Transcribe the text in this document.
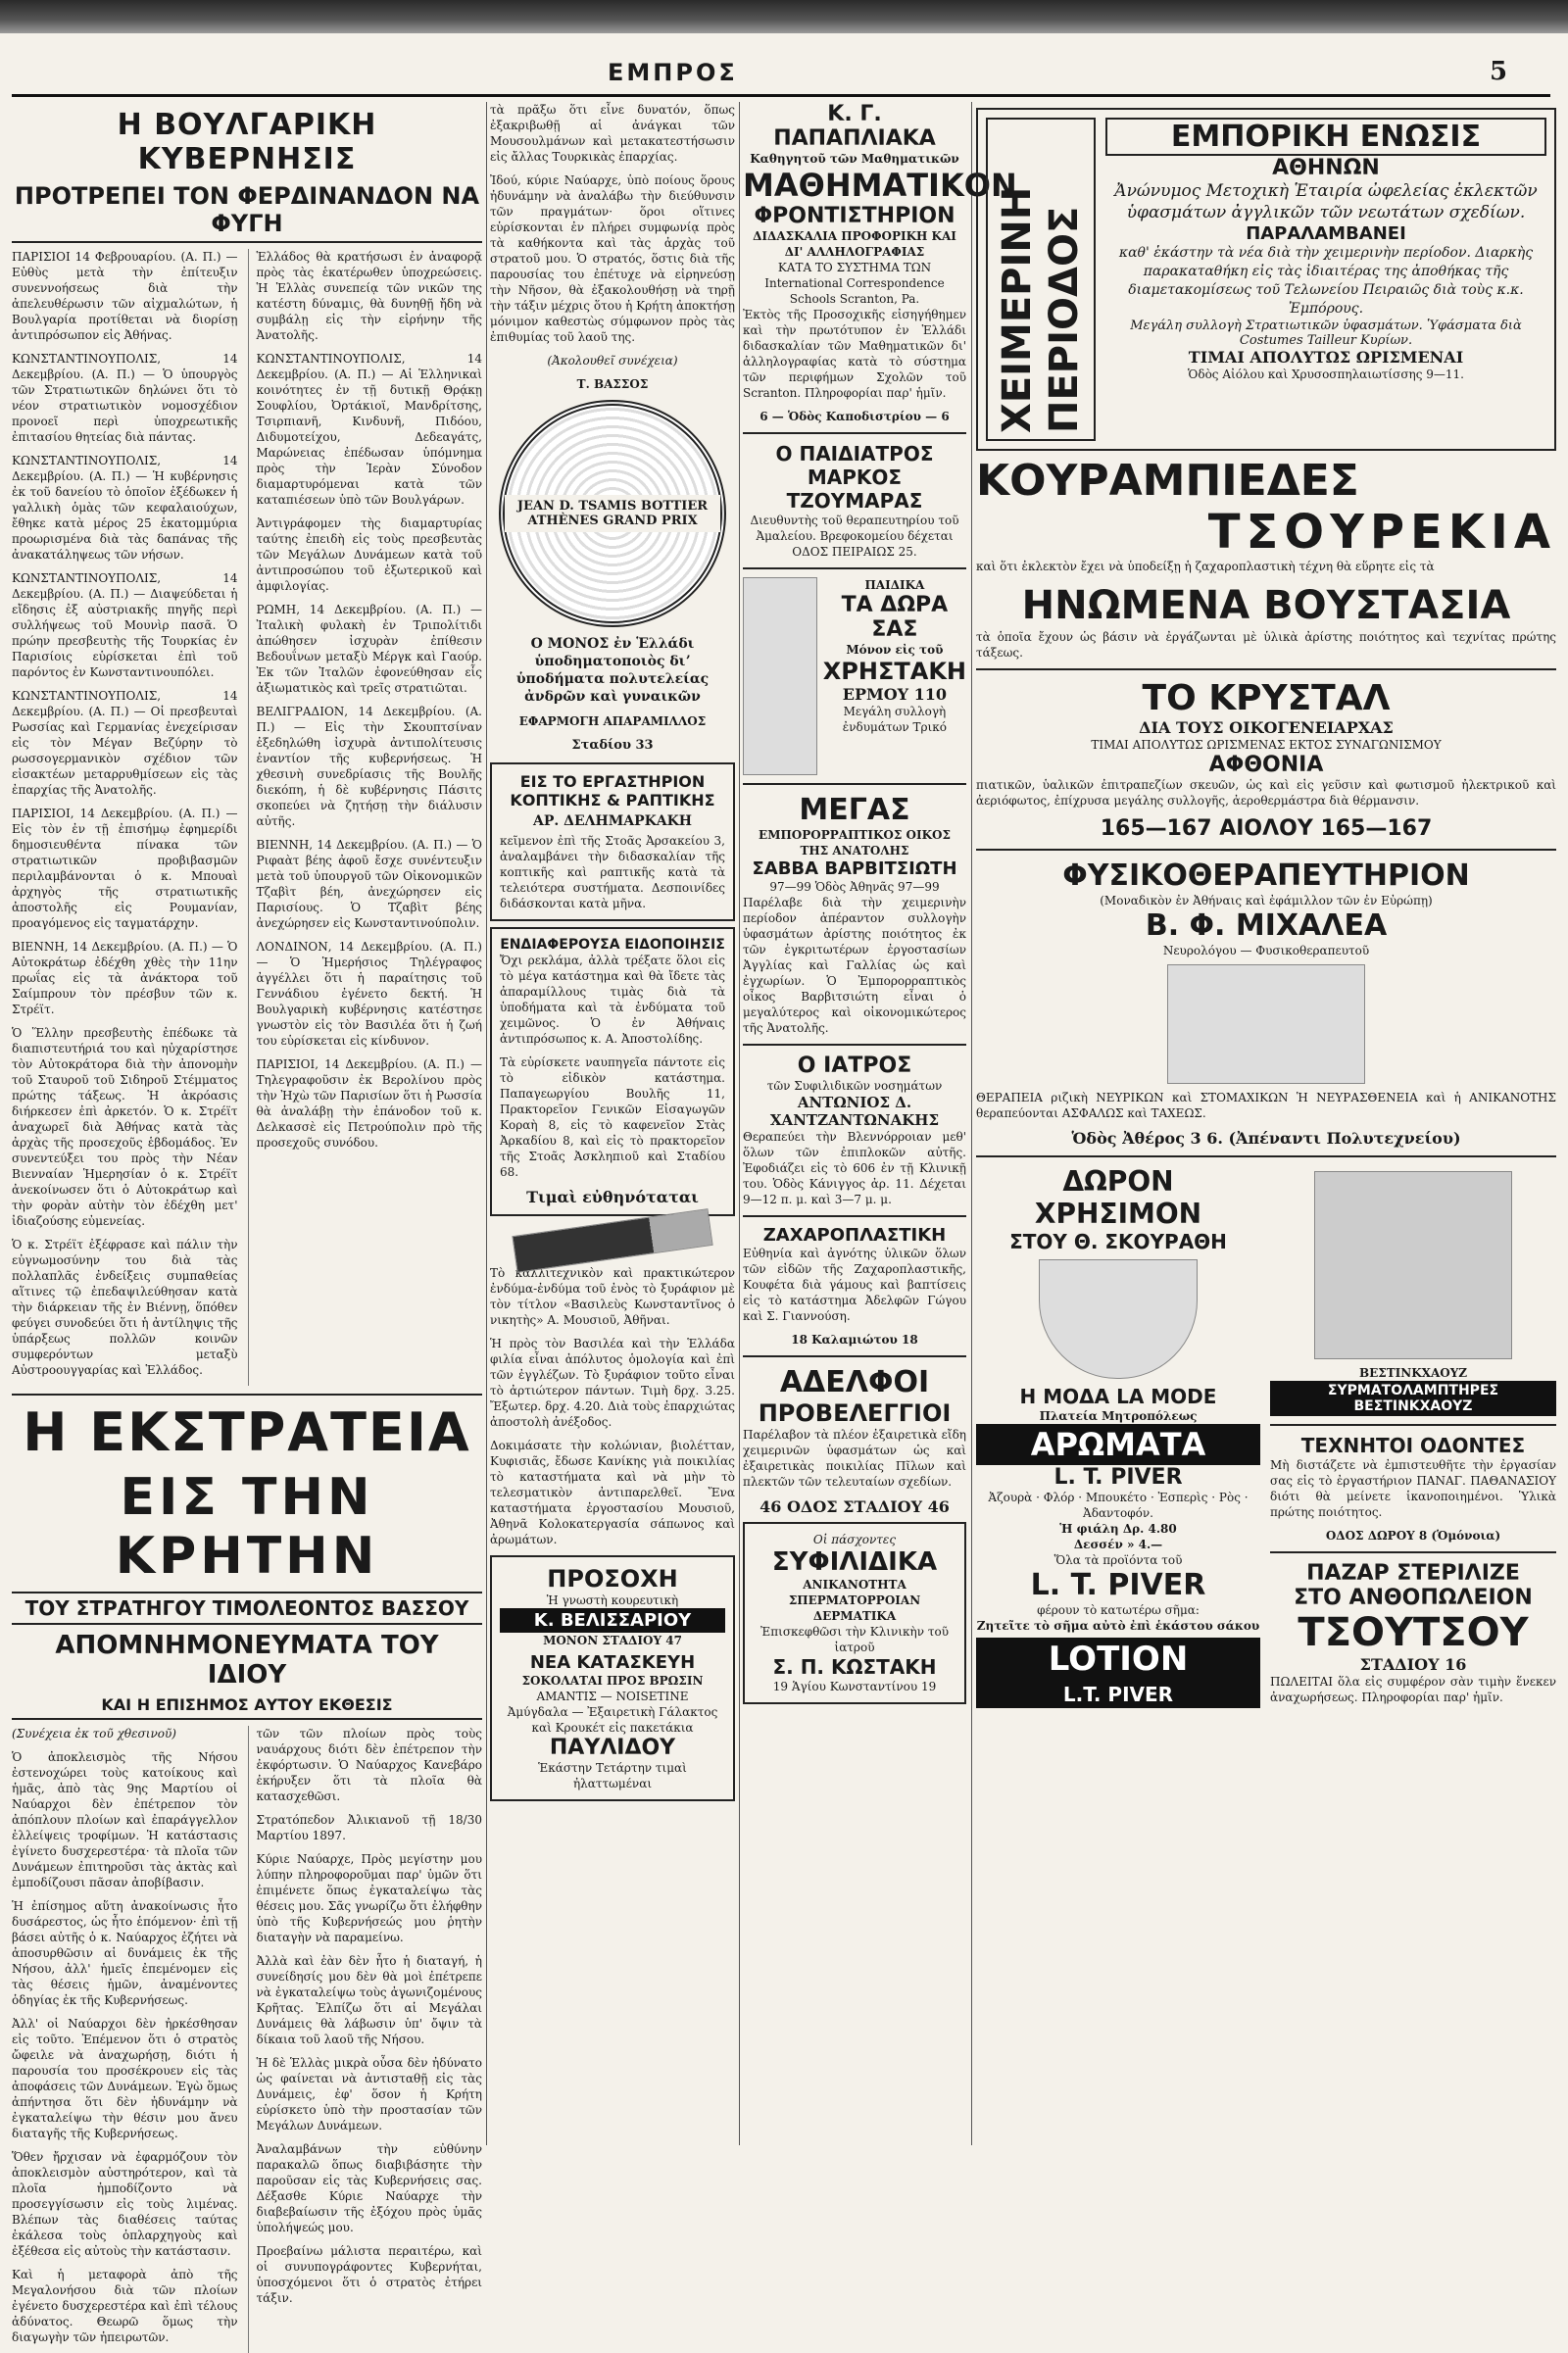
ΕΜΠΡΟΣ	5
Η ΒΟΥΛΓΑΡΙΚΗ ΚΥΒΕΡΝΗΣΙΣ
ΠΡΟΤΡΕΠΕΙ ΤΟΝ ΦΕΡΔΙΝΑΝΔΟΝ ΝΑ ΦΥΓΗ

ΠΑΡΙΣΙΟΙ 14 Φεβρουαρίου. (Α. Π.) — Εὐθὺς μετὰ τὴν ἐπίτευξιν συνεννοήσεως διὰ τὴν ἀπελευθέρωσιν τῶν αἰχμαλώτων, ἡ Βουλγαρία προτίθεται νὰ διορίσῃ ἀντιπρόσωπον εἰς Ἀθήνας.

ΚΩΝΣΤΑΝΤΙΝΟΥΠΟΛΙΣ, 14 Δεκεμβρίου. (Α. Π.) — Ὁ ὑπουργὸς τῶν Στρατιωτικῶν δηλώνει ὅτι τὸ νέον στρατιωτικὸν νομοσχέδιον προνοεῖ περὶ ὑποχρεωτικῆς ἐπιτασίου θητείας διὰ πάντας.

ΚΩΝΣΤΑΝΤΙΝΟΥΠΟΛΙΣ, 14 Δεκεμβρίου. (Α. Π.) — Ἡ κυβέρνησις ἐκ τοῦ δανείου τὸ ὁποῖον ἐξέδωκεν ἡ γαλλικὴ ὁμὰς τῶν κεφαλαιούχων, ἔθηκε κατὰ μέρος 25 ἑκατομμύρια προωρισμένα διὰ τὰς δαπάνας τῆς ἀνακατάληψεως τῶν νήσων.

ΚΩΝΣΤΑΝΤΙΝΟΥΠΟΛΙΣ, 14 Δεκεμβρίου. (Α. Π.) — Διαψεύδεται ἡ εἴδησις ἐξ αὐστριακῆς πηγῆς περὶ συλλήψεως τοῦ Μουνὶρ πασᾶ. Ὁ πρώην πρεσβευτὴς τῆς Τουρκίας ἐν Παρισίοις εὑρίσκεται ἐπὶ τοῦ παρόντος ἐν Κωνσταντινουπόλει.

ΚΩΝΣΤΑΝΤΙΝΟΥΠΟΛΙΣ, 14 Δεκεμβρίου. (Α. Π.) — Οἱ πρεσβευταὶ Ρωσσίας καὶ Γερμανίας ἐνεχείρισαν εἰς τὸν Μέγαν Βεζύρην τὸ ρωσσογερμανικὸν σχέδιον τῶν εἰσακτέων μεταρρυθμίσεων εἰς τὰς ἐπαρχίας τῆς Ἀνατολῆς.

ΠΑΡΙΣΙΟΙ, 14 Δεκεμβρίου. (Α. Π.) — Εἰς τὸν ἐν τῇ ἐπισήμῳ ἐφημερίδι δημοσιευθέντα πίνακα τῶν στρατιωτικῶν προβιβασμῶν περιλαμβάνονται ὁ κ. Μπουαὶ ἀρχηγὸς τῆς στρατιωτικῆς ἀποστολῆς εἰς Ρουμανίαν, προαγόμενος εἰς ταγματάρχην.

ΒΙΕΝΝΗ, 14 Δεκεμβρίου. (Α. Π.) — Ὁ Αὐτοκράτωρ ἐδέχθη χθὲς τὴν 11ην πρωΐας εἰς τὰ ἀνάκτορα τοῦ Σαίμπρουν τὸν πρέσβυν τῶν κ. Στρέϊτ.

Ὁ Ἕλλην πρεσβευτὴς ἐπέδωκε τὰ διαπιστευτήριά του καὶ ηὐχαρίστησε τὸν Αὐτοκράτορα διὰ τὴν ἀπονομὴν τοῦ Σταυροῦ τοῦ Σιδηροῦ Στέμματος πρώτης τάξεως. Ἡ ἀκρόασις διήρκεσεν ἐπὶ ἀρκετόν. Ὁ κ. Στρέϊτ ἀναχωρεῖ διὰ Ἀθήνας κατὰ τὰς ἀρχὰς τῆς προσεχοῦς ἑβδομάδος. Ἐν συνεντεύξει του πρὸς τὴν Νέαν Βιενναίαν Ἡμερησίαν ὁ κ. Στρέϊτ ἀνεκοίνωσεν ὅτι ὁ Αὐτοκράτωρ καὶ τὴν φορὰν αὐτὴν τὸν ἐδέχθη μετ' ἰδιαζούσης εὐμενείας.

Ὁ κ. Στρέϊτ ἐξέφρασε καὶ πάλιν τὴν εὐγνωμοσύνην του διὰ τὰς πολλαπλᾶς ἐνδείξεις συμπαθείας αἵτινες τῷ ἐπεδαψιλεύθησαν κατὰ τὴν διάρκειαν τῆς ἐν Βιέννῃ, ὅπόθεν φεύγει συνοδεύει ὅτι ἡ ἀντίληψις τῆς ὑπάρξεως πολλῶν κοινῶν συμφερόντων μεταξὺ Αὐστροουγγαρίας καὶ Ἑλλάδος.

Ἑλλάδος θὰ κρατήσωσι ἐν ἀναφορᾷ πρὸς τὰς ἑκατέρωθεν ὑποχρεώσεις. Ἡ Ἑλλὰς συνεπείᾳ τῶν νικῶν της κατέστη δύναμις, θὰ δυνηθῇ ἤδη νὰ συμβάλῃ εἰς τὴν εἰρήνην τῆς Ἀνατολῆς.

ΚΩΝΣΤΑΝΤΙΝΟΥΠΟΛΙΣ, 14 Δεκεμβρίου. (Α. Π.) — Αἱ Ἑλληνικαὶ κοινότητες ἐν τῇ δυτικῇ Θρᾴκῃ Σουφλίου, Ὀρτάκιοϊ, Μανδρίτσης, Τσιρπιανῆ, Κινδυνῆ, Πιδόου, Διδυμοτείχου, Δεδεαγάτς, Μαρώνειας ἐπέδωσαν ὑπόμνημα πρὸς τὴν Ἱερὰν Σύνοδον διαμαρτυρόμεναι κατὰ τῶν καταπιέσεων ὑπὸ τῶν Βουλγάρων.

Ἀντιγράφομεν τὴς διαμαρτυρίας ταύτης ἐπειδὴ εἰς τοὺς πρεσβευτὰς τῶν Μεγάλων Δυνάμεων κατὰ τοῦ ἀντιπροσώπου τοῦ ἐξωτερικοῦ καὶ ἀμφιλογίας.

ΡΩΜΗ, 14 Δεκεμβρίου. (Α. Π.) — Ἰταλικὴ φυλακὴ ἐν Τριπολίτιδι ἀπώθησεν ἰσχυρὰν ἐπίθεσιν Βεδουΐνων μεταξὺ Μέργκ καὶ Γαούρ. Ἐκ τῶν Ἰταλῶν ἐφονεύθησαν εἷς ἀξιωματικὸς καὶ τρεῖς στρατιῶται.

ΒΕΛΙΓΡΑΔΙΟΝ, 14 Δεκεμβρίου. (Α. Π.) — Εἰς τὴν Σκουπτσίναν ἐξεδηλώθη ἰσχυρὰ ἀντιπολίτευσις ἐναντίον τῆς κυβερνήσεως. Ἡ χθεσινὴ συνεδρίασις τῆς Βουλῆς διεκόπη, ἡ δὲ κυβέρνησις Πάσιτς σκοπεύει νὰ ζητήσῃ τὴν διάλυσιν αὐτῆς.

ΒΙΕΝΝΗ, 14 Δεκεμβρίου. (Α. Π.) — Ὁ Ριφαὰτ βέης ἀφοῦ ἔσχε συνέντευξιν μετὰ τοῦ ὑπουργοῦ τῶν Οἰκονομικῶν Τζαβὶτ βέη, ἀνεχώρησεν εἰς Παρισίους. Ὁ Τζαβὶτ βέης ἀνεχώρησεν εἰς Κωνσταντινούπολιν.

ΛΟΝΔΙΝΟΝ, 14 Δεκεμβρίου. (Α. Π.) — Ὁ Ἡμερήσιος Τηλέγραφος ἀγγέλλει ὅτι ἡ παραίτησις τοῦ Γεννάδιου ἐγένετο δεκτή. Ἡ Βουλγαρικὴ κυβέρνησις κατέστησε γνωστὸν εἰς τὸν Βασιλέα ὅτι ἡ ζωή του εὑρίσκεται εἰς κίνδυνον.

ΠΑΡΙΣΙΟΙ, 14 Δεκεμβρίου. (Α. Π.) — Τηλεγραφοῦσιν ἐκ Βερολίνου πρὸς τὴν Ἠχὼ τῶν Παρισίων ὅτι ἡ Ρωσσία θὰ ἀναλάβῃ τὴν ἐπάνοδον τοῦ κ. Δελκασσὲ εἰς Πετρούπολιν πρὸ τῆς προσεχοῦς συνόδου.

Η ΕΚΣΤΡΑΤΕΙΑ
ΕΙΣ ΤΗΝ ΚΡΗΤΗΝ
ΤΟΥ ΣΤΡΑΤΗΓΟΥ ΤΙΜΟΛΕΟΝΤΟΣ ΒΑΣΣΟΥ
ΑΠΟΜΝΗΜΟΝΕΥΜΑΤΑ ΤΟΥ ΙΔΙΟΥ
ΚΑΙ Η ΕΠΙΣΗΜΟΣ ΑΥΤΟΥ ΕΚΘΕΣΙΣ

(Συνέχεια ἐκ τοῦ χθεσινοῦ)

Ὁ ἀποκλεισμὸς τῆς Νήσου ἐστενοχώρει τοὺς κατοίκους καὶ ἡμᾶς, ἀπὸ τὰς 9ης Μαρτίου οἱ Ναύαρχοι δὲν ἐπέτρεπον τὸν ἀπόπλουν πλοίων καὶ ἐπαράγγελλον ἐλλείψεις τροφίμων. Ἡ κατάστασις ἐγίνετο δυσχερεστέρα· τὰ πλοῖα τῶν Δυνάμεων ἐπιτηροῦσι τὰς ἀκτὰς καὶ ἐμποδίζουσι πᾶσαν ἀποβίβασιν.

Ἡ ἐπίσημος αὕτη ἀνακοίνωσις ἦτο δυσάρεστος, ὡς ἦτο ἑπόμενον· ἐπὶ τῇ βάσει αὐτῆς ὁ κ. Ναύαρχος ἐζήτει νὰ ἀποσυρθῶσιν αἱ δυνάμεις ἐκ τῆς Νήσου, ἀλλ' ἡμεῖς ἐπεμένομεν εἰς τὰς θέσεις ἡμῶν, ἀναμένοντες ὁδηγίας ἐκ τῆς Κυβερνήσεως.

Ἀλλ' οἱ Ναύαρχοι δὲν ἠρκέσθησαν εἰς τοῦτο. Ἐπέμενον ὅτι ὁ στρατὸς ὤφειλε νὰ ἀναχωρήσῃ, διότι ἡ παρουσία του προσέκρουεν εἰς τὰς ἀποφάσεις τῶν Δυνάμεων. Ἐγὼ ὅμως ἀπήντησα ὅτι δὲν ἠδυνάμην νὰ ἐγκαταλείψω τὴν θέσιν μου ἄνευ διαταγῆς τῆς Κυβερνήσεως.

Ὅθεν ἤρχισαν νὰ ἐφαρμόζουν τὸν ἀποκλεισμὸν αὐστηρότερον, καὶ τὰ πλοῖα ἠμποδίζοντο νὰ προσεγγίσωσιν εἰς τοὺς λιμένας. Βλέπων τὰς διαθέσεις ταύτας ἐκάλεσα τοὺς ὁπλαρχηγοὺς καὶ ἐξέθεσα εἰς αὐτοὺς τὴν κατάστασιν.

Καὶ ἡ μεταφορὰ ἀπὸ τῆς Μεγαλονήσου διὰ τῶν πλοίων ἐγένετο δυσχερεστέρα καὶ ἐπὶ τέλους ἀδύνατος. Θεωρῶ ὅμως τὴν διαγωγὴν τῶν ἠπειρωτῶν.

τῶν τῶν πλοίων πρὸς τοὺς ναυάρχους διότι δὲν ἐπέτρεπον τὴν ἐκφόρτωσιν. Ὁ Ναύαρχος Κανεβάρο ἐκήρυξεν ὅτι τὰ πλοῖα θὰ κατασχεθῶσι.

Στρατόπεδον Ἀλικιανοῦ τῇ 18/30 Μαρτίου 1897.

Κύριε Ναύαρχε, Πρὸς μεγίστην μου λύπην πληροφοροῦμαι παρ' ὑμῶν ὅτι ἐπιμένετε ὅπως ἐγκαταλείψω τὰς θέσεις μου. Σᾶς γνωρίζω ὅτι ἐλήφθην ὑπὸ τῆς Κυβερνήσεώς μου ῥητὴν διαταγὴν νὰ παραμείνω.

Ἀλλὰ καὶ ἐὰν δὲν ἦτο ἡ διαταγή, ἡ συνείδησίς μου δὲν θὰ μοὶ ἐπέτρεπε νὰ ἐγκαταλείψω τοὺς ἀγωνιζομένους Κρῆτας. Ἐλπίζω ὅτι αἱ Μεγάλαι Δυνάμεις θὰ λάβωσιν ὑπ' ὄψιν τὰ δίκαια τοῦ λαοῦ τῆς Νήσου.

Ἡ δὲ Ἑλλὰς μικρὰ οὖσα δὲν ἠδύνατο ὡς φαίνεται νὰ ἀντισταθῇ εἰς τὰς Δυνάμεις, ἐφ' ὅσον ἡ Κρήτη εὑρίσκετο ὑπὸ τὴν προστασίαν τῶν Μεγάλων Δυνάμεων.

Ἀναλαμβάνων τὴν εὐθύνην παρακαλῶ ὅπως διαβιβάσητε τὴν παροῦσαν εἰς τὰς Κυβερνήσεις σας. Δέξασθε Κύριε Ναύαρχε τὴν διαβεβαίωσιν τῆς ἐξόχου πρὸς ὑμᾶς ὑπολήψεώς μου.

Προεβαίνω μάλιστα περαιτέρω, καὶ οἱ συνυπογράφοντες Κυβερνήται, ὑποσχόμενοι ὅτι ὁ στρατὸς ἐτήρει τάξιν.

τὰ πρᾶξω ὅτι εἶνε δυνατόν, ὅπως ἐξακριβωθῇ αἱ ἀνάγκαι τῶν Μουσουλμάνων καὶ μετακατεστήσωσιν εἰς ἄλλας Τουρκικὰς ἐπαρχίας.

Ἰδού, κύριε Ναύαρχε, ὑπὸ ποίους ὅρους ἠδυνάμην νὰ ἀναλάβω τὴν διεύθυνσιν τῶν πραγμάτων· ὅροι οἵτινες εὑρίσκονται ἐν πλήρει συμφωνίᾳ πρὸς τὰ καθήκοντα καὶ τὰς ἀρχὰς τοῦ στρατοῦ μου. Ὁ στρατός, ὅστις διὰ τῆς παρουσίας του ἐπέτυχε νὰ εἰρηνεύσῃ τὴν Νῆσον, θὰ ἐξακολουθήσῃ νὰ τηρῇ τὴν τάξιν μέχρις ὅτου ἡ Κρήτη ἀποκτήσῃ μόνιμον καθεστὼς σύμφωνον πρὸς τὰς ἐπιθυμίας τοῦ λαοῦ της.

(Ἀκολουθεῖ συνέχεια)

Τ. ΒΑΣΣΟΣ

JEAN D. TSAMIS BOTTIER ATHÈNES GRAND PRIX

Ο ΜΟΝΟΣ ἐν Ἑλλάδι ὑποδηματοποιὸς διʼ ὑποδήματα πολυτελείας ἀνδρῶν καὶ γυναικῶν

ΕΦΑΡΜΟΓΗ ΑΠΑΡΑΜΙΛΛΟΣ

Σταδίου 33

ΕΙΣ ΤΟ ΕΡΓΑΣΤΗΡΙΟΝ ΚΟΠΤΙΚΗΣ & ΡΑΠΤΙΚΗΣ
ΑΡ. ΔΕΛΗΜΑΡΚΑΚΗ

κεῖμενον ἐπὶ τῆς Στοᾶς Ἀρσακείου 3, ἀναλαμβάνει τὴν διδασκαλίαν τῆς κοπτικῆς καὶ ραπτικῆς κατὰ τὰ τελειότερα συστήματα. Δεσποινίδες διδάσκονται κατὰ μῆνα.

ΕΝΔΙΑΦΕΡΟΥΣΑ ΕΙΔΟΠΟΙΗΣΙΣ

Ὄχι ρεκλάμα, ἀλλὰ τρέξατε ὅλοι εἰς τὸ μέγα κατάστημα καὶ θὰ ἴδετε τὰς ἀπαραμίλλους τιμὰς διὰ τὰ ὑποδήματα καὶ τὰ ἐνδύματα τοῦ χειμῶνος. Ὁ ἐν Ἀθήναις ἀντιπρόσωπος κ. Α. Ἀποστολίδης.

Τὰ εὑρίσκετε ναυπηγεῖα πάντοτε εἰς τὸ εἰδικὸν κατάστημα. Παπαγεωργίου Βουλῆς 11, Πρακτορεῖον Γενικῶν Εἰσαγωγῶν Κοραὴ 8, εἰς τὸ καφενεῖον Στὰς Ἀρκαδίου 8, καὶ εἰς τὸ πρακτορεῖον τῆς Στοᾶς Ἀσκληπιοῦ καὶ Σταδίου 68.

Τιμαὶ εὐθηνόταται

Τὸ καλλιτεχνικὸν καὶ πρακτικώτερον ἐνδύμα-ἐνδύμα τοῦ ἐνὸς τὸ ξυράφιον μὲ τὸν τίτλον «Βασιλεὺς Κωνσταντῖνος ὁ νικητὴς» Α. Μουσιοῦ, Ἀθῆναι.

Ἡ πρὸς τὸν Βασιλέα καὶ τὴν Ἑλλάδα φιλία εἶναι ἀπόλυτος ὁμολογία καὶ ἐπὶ τῶν ἐγγλέζων. Τὸ ξυράφιον τοῦτο εἶναι τὸ ἀρτιώτερον πάντων. Τιμὴ δρχ. 3.25. Ἔξωτερ. δρχ. 4.20. Διὰ τοὺς ἐπαρχιώτας ἀποστολὴ ἀνέξοδος.

Δοκιμάσατε τὴν κολώνιαν, βιολέτταν, Κυφισιᾶς, ἔδωσε Κανίκης γιὰ ποικιλίας τὸ καταστήματα καὶ νὰ μὴν τὸ τελεσματικὸν ἀντιπαρελθεῖ. Ἔνα καταστήματα ἐργοστασίου Μουσιοῦ, Ἀθηνᾶ Κολοκατεργασία σάπωνος καὶ ἀρωμάτων.

ΠΡΟΣΟΧΗ
Ἡ γνωστὴ κουρευτικὴ
Κ. ΒΕΛΙΣΣΑΡΙΟΥ
ΜΟΝΟΝ ΣΤΑΔΙΟΥ 47
ΝΕΑ ΚΑΤΑΣΚΕΥΗ
ΣΟΚΟΛΑΤΑΙ ΠΡΟΣ ΒΡΩΣΙΝ
ΑΜΑΝΤΙΣ — NOISETINE
Ἀμύγδαλα — Ἐξαιρετικὴ Γάλακτος καὶ Κρουκέτ εἰς πακετάκια
ΠΑΥΛΙΔΟΥ
Ἑκάστην Τετάρτην τιμαὶ ἠλαττωμέναι
Κ. Γ. ΠΑΠΑΠΛΙΑΚΑ
Καθηγητοῦ τῶν Μαθηματικῶν
ΜΑΘΗΜΑΤΙΚΟΝ
ΦΡΟΝΤΙΣΤΗΡΙΟΝ
ΔΙΔΑΣΚΑΛΙΑ ΠΡΟΦΟΡΙΚΗ ΚΑΙ ΔΙ' ΑΛΛΗΛΟΓΡΑΦΙΑΣ
ΚΑΤΑ ΤΟ ΣΥΣΤΗΜΑ ΤΩΝ International Correspondence Schools Scranton, Pa.

Ἐκτὸς τῆς Προσοχικῆς εἰσηγήθημεν καὶ τὴν πρωτότυπον ἐν Ἑλλάδι διδασκαλίαν τῶν Μαθηματικῶν δι' ἀλληλογραφίας κατὰ τὸ σύστημα τῶν περιφήμων Σχολῶν τοῦ Scranton. Πληροφορίαι παρ' ἡμῖν.

6 — Ὁδὸς Καποδιστρίου — 6
Ο ΠΑΙΔΙΑΤΡΟΣ
ΜΑΡΚΟΣ ΤΖΟΥΜΑΡΑΣ

Διευθυντὴς τοῦ θεραπευτηρίου τοῦ Ἀμαλείου. Βρεφοκομείου δέχεται ΟΔΟΣ ΠΕΙΡΑΙΩΣ 25.

ΠΑΙΔΙΚΑ
ΤΑ ΔΩΡΑ ΣΑΣ
Μόνον εἰς τοῦ
ΧΡΗΣΤΑΚΗ
ΕΡΜΟΥ 110
Μεγάλη συλλογὴ ἐνδυμάτων Τρικό
ΜΕΓΑΣ
ΕΜΠΟΡΟΡΡΑΠΤΙΚΟΣ ΟΙΚΟΣ ΤΗΣ ΑΝΑΤΟΛΗΣ
ΣΑΒΒΑ ΒΑΡΒΙΤΣΙΩΤΗ
97—99 Ὁδὸς Ἀθηνᾶς 97—99

Παρέλαβε διὰ τὴν χειμερινὴν περίοδον ἀπέραντον συλλογὴν ὑφασμάτων ἀρίστης ποιότητος ἐκ τῶν ἐγκριτωτέρων ἐργοστασίων Ἀγγλίας καὶ Γαλλίας ὡς καὶ ἐγχωρίων. Ὁ Ἐμπορορραπτικὸς οἶκος Βαρβιτσιώτη εἶναι ὁ μεγαλύτερος καὶ οἰκονομικώτερος τῆς Ἀνατολῆς.

Ο ΙΑΤΡΟΣ
τῶν Συφιλιδικῶν νοσημάτων
ΑΝΤΩΝΙΟΣ Δ. ΧΑΝΤΖΑΝΤΩΝΑΚΗΣ

Θεραπεύει τὴν Βλεννόρροιαν μεθ' ὅλων τῶν ἐπιπλοκῶν αὐτῆς. Ἐφοδιάζει εἰς τὸ 606 ἐν τῇ Κλινικῇ του. Ὁδὸς Κάνιγγος ἀρ. 11. Δέχεται 9—12 π. μ. καὶ 3—7 μ. μ.

ΖΑΧΑΡΟΠΛΑΣΤΙΚΗ

Εὐθηνία καὶ ἀγνότης ὑλικῶν ὅλων τῶν εἰδῶν τῆς Ζαχαροπλαστικῆς, Κουφέτα διὰ γάμους καὶ βαπτίσεις εἰς τὸ κατάστημα Ἀδελφῶν Γώγου καὶ Σ. Γιαννούση.

18 Καλαμιώτου 18
ΑΔΕΛΦΟΙ
ΠΡΟΒΕΛΕΓΓΙΟΙ

Παρέλαβον τὰ πλέον ἐξαιρετικὰ εἴδη χειμερινῶν ὑφασμάτων ὡς καὶ ἐξαιρετικὰς ποικιλίας Πῖλων καὶ πλεκτῶν τῶν τελευταίων σχεδίων.

46 ΟΔΟΣ ΣΤΑΔΙΟΥ 46
Οἱ πάσχοντες
ΣΥΦΙΛΙΔΙΚΑ
ΑΝΙΚΑΝΟΤΗΤΑ ΣΠΕΡΜΑΤΟΡΡΟΙΑΝ ΔΕΡΜΑΤΙΚΑ
Ἐπισκεφθῶσι τὴν Κλινικὴν τοῦ ἰατροῦ
Σ. Π. ΚΩΣΤΑΚΗ
19 Ἁγίου Κωνσταντίνου 19
ΧΕΙΜΕΡΙΝΗ ΠΕΡΙΟΔΟΣ
ΕΜΠΟΡΙΚΗ ΕΝΩΣΙΣ
ΑΘΗΝΩΝ
Ἀνώνυμος Μετοχικὴ Ἑταιρία ὠφελείας ἐκλεκτῶν ὑφασμάτων ἀγγλικῶν τῶν νεωτάτων σχεδίων.
ΠΑΡΑΛΑΜΒΑΝΕΙ
καθ' ἑκάστην τὰ νέα διὰ τὴν χειμερινὴν περίοδον. Διαρκὴς παρακαταθήκη εἰς τὰς ἰδιαιτέρας της ἀποθήκας τῆς διαμετακομίσεως τοῦ Τελωνείου Πειραιῶς διὰ τοὺς κ.κ. Ἐμπόρους.
Μεγάλη συλλογὴ Στρατιωτικῶν ὑφασμάτων. Ὑφάσματα διὰ Costumes Tailleur Κυρίων.
ΤΙΜΑΙ ΑΠΟΛΥΤΩΣ ΩΡΙΣΜΕΝΑΙ
Ὁδὸς Αἰόλου καὶ Χρυσοσπηλαιωτίσσης 9—11.
ΚΟΥΡΑΜΠΙΕΔΕΣ
ΤΣΟΥΡΕΚΙΑ

καὶ ὅτι ἐκλεκτὸν ἔχει νὰ ὑποδείξῃ ἡ ζαχαροπλαστικὴ τέχνη θὰ εὕρητε εἰς τὰ

ΗΝΩΜΕΝΑ ΒΟΥΣΤΑΣΙΑ

τὰ ὁποῖα ἔχουν ὡς βάσιν νὰ ἐργάζωνται μὲ ὑλικὰ ἀρίστης ποιότητος καὶ τεχνίτας πρώτης τάξεως.

ΤΟ ΚΡΥΣΤΑΛ
ΔΙΑ ΤΟΥΣ ΟΙΚΟΓΕΝΕΙΑΡΧΑΣ
ΤΙΜΑΙ ΑΠΟΛΥΤΩΣ ΩΡΙΣΜΕΝΑΣ ΕΚΤΟΣ ΣΥΝΑΓΩΝΙΣΜΟΥ
ΑΦΘΟΝΙΑ

πιατικῶν, ὑαλικῶν ἐπιτραπεζίων σκευῶν, ὡς καὶ εἰς γεῦσιν καὶ φωτισμοῦ ἠλεκτρικοῦ καὶ ἀεριόφωτος, ἐπίχρυσα μεγάλης συλλογῆς, ἀεροθερμάστρα διὰ θέρμανσιν.

165—167 ΑΙΟΛΟΥ 165—167
ΦΥΣΙΚΟΘΕΡΑΠΕΥΤΗΡΙΟΝ
(Μοναδικὸν ἐν Ἀθήναις καὶ ἐφάμιλλον τῶν ἐν Εὐρώπῃ)
Β. Φ. ΜΙΧΑΛΕΑ
Νευρολόγου — Φυσικοθεραπευτοῦ

ΘΕΡΑΠΕΙΑ ριζικὴ ΝΕΥΡΙΚΩΝ καὶ ΣΤΟΜΑΧΙΚΩΝ Ἡ ΝΕΥΡΑΣΘΕΝΕΙΑ καὶ ἡ ΑΝΙΚΑΝΟΤΗΣ θεραπεύονται ΑΣΦΑΛΩΣ καὶ ΤΑΧΕΩΣ.

Ὁδὸς Ἀθέρος 3 6. (Ἀπέναντι Πολυτεχνείου)
ΔΩΡΟΝ ΧΡΗΣΙΜΟΝ
ΣΤΟΥ Θ. ΣΚΟΥΡΑΘΗ
Η ΜΟΔΑ LA MODE
Πλατεία Μητροπόλεως
ΑΡΩΜΑΤΑ
L. T. PIVER
Ἀζουρὰ · Φλόρ · Μπουκέτο · Ἑσπερὶς · Ρὸς · Ἀδαντοφόν.
Ἡ φιάλη Δρ. 4.80
Δεσσέν » 4.—
Ὅλα τὰ προϊόντα τοῦ
L. T. PIVER
φέρουν τὸ κατωτέρω σῆμα:
Ζητεῖτε τὸ σῆμα αὐτὸ ἐπὶ ἑκάστου σάκου
LOTION
L.T. PIVER
ΒΕΣΤΙΝΚΧΑΟΥΖ
ΣΥΡΜΑΤΟΛΑΜΠΤΗΡΕΣ ΒΕΣΤΙΝΚΧΑΟΥΖ
ΤΕΧΝΗΤΟΙ ΟΔΟΝΤΕΣ

Μὴ διστάζετε νὰ ἐμπιστευθῆτε τὴν ἐργασίαν σας εἰς τὸ ἐργαστήριον ΠΑΝΑΓ. ΠΑΘΑΝΑΣΙΟΥ διότι θὰ μείνετε ἱκανοποιημένοι. Ὑλικὰ πρώτης ποιότητος.

ΟΔΟΣ ΔΩΡΟΥ 8 (Ὁμόνοια)
ΠΑΖΑΡ ΣΤΕΡΙΛΙΖΕ
ΣΤΟ ΑΝΘΟΠΩΛΕΙΟΝ
ΤΣΟΥΤΣΟΥ
ΣΤΑΔΙΟΥ 16

ΠΩΛΕΙΤΑΙ ὅλα εἰς συμφέρον σὰν τιμὴν ἕνεκεν ἀναχωρήσεως. Πληροφορίαι παρ' ἡμῖν.
